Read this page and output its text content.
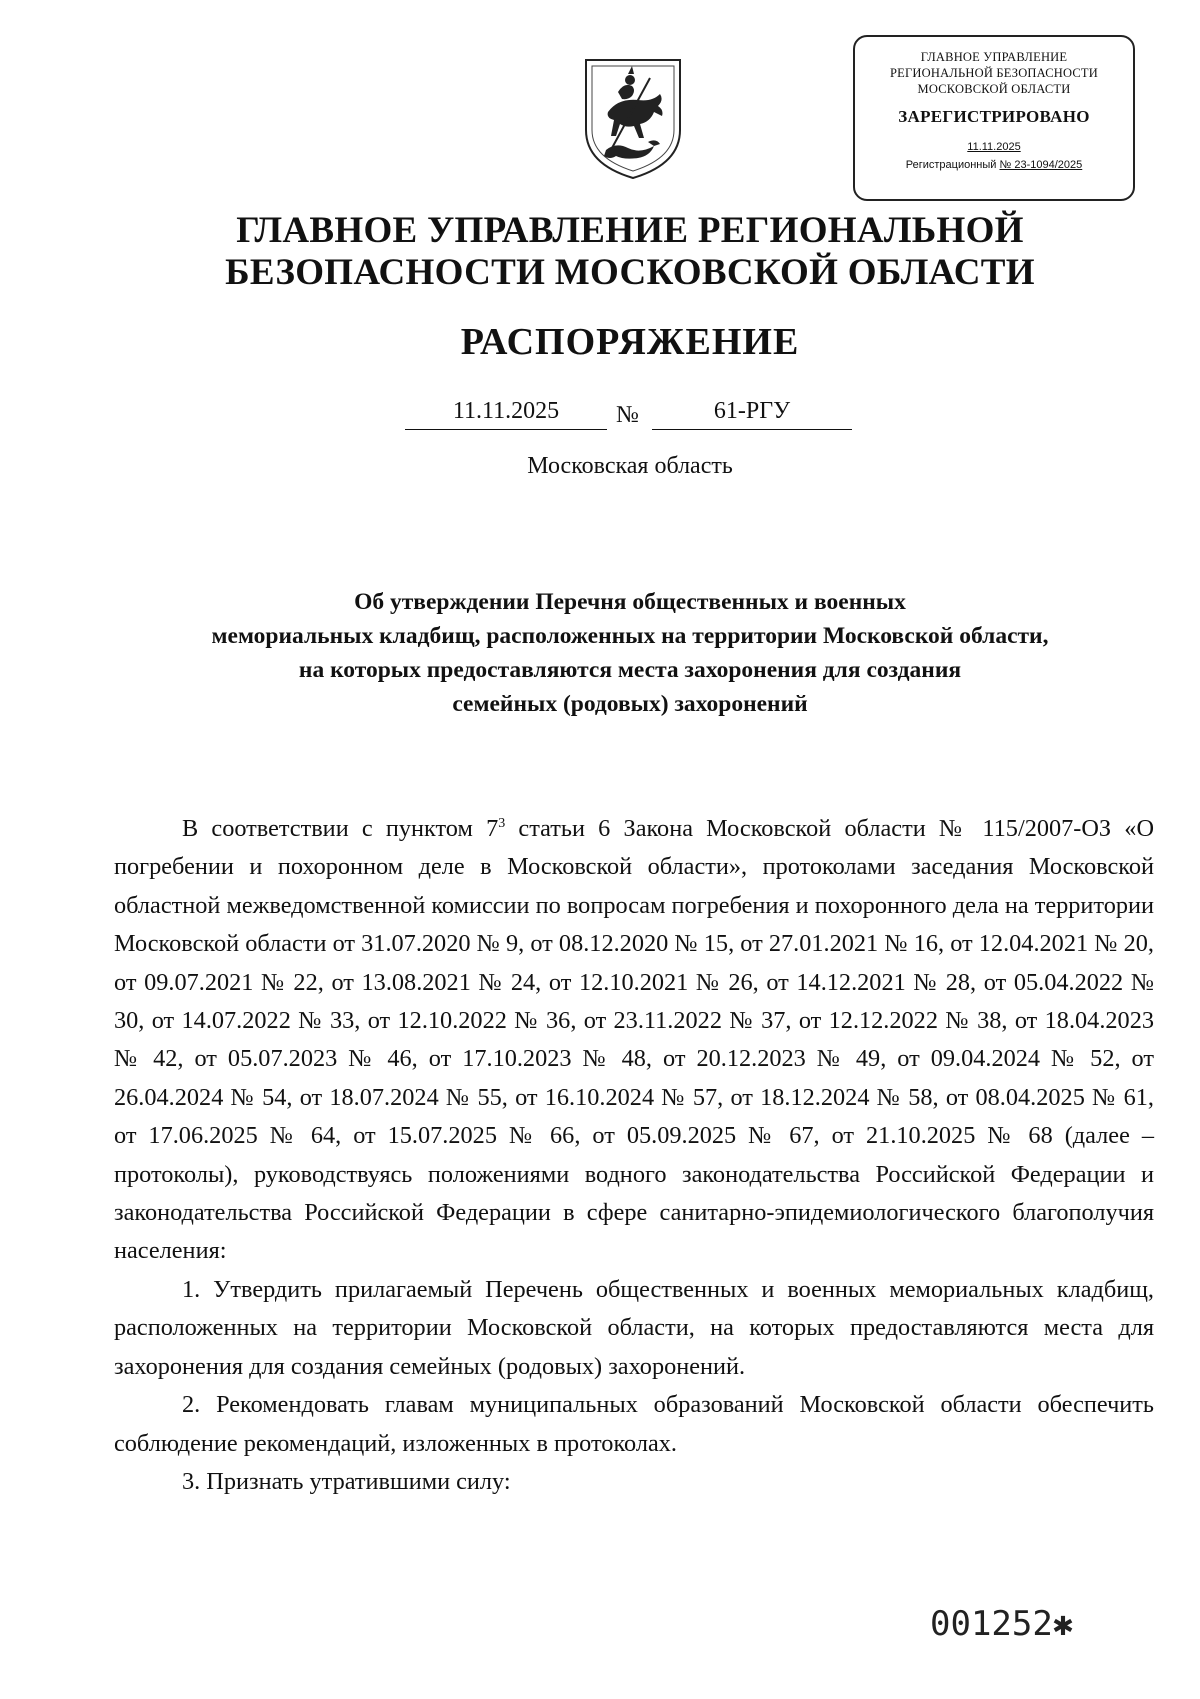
ГЛАВНОЕ УПРАВЛЕНИЕ
РЕГИОНАЛЬНОЙ БЕЗОПАСНОСТИ
МОСКОВСКОЙ ОБЛАСТИ
ЗАРЕГИСТРИРОВАНО
11.11.2025
Регистрационный № 23-1094/2025
ГЛАВНОЕ УПРАВЛЕНИЕ РЕГИОНАЛЬНОЙ
БЕЗОПАСНОСТИ МОСКОВСКОЙ ОБЛАСТИ
РАСПОРЯЖЕНИЕ
11.11.2025	№	61-РГУ
Московская область
Об утверждении Перечня общественных и военных
мемориальных кладбищ, расположенных на территории Московской области,
на которых предоставляются места захоронения для создания
семейных (родовых) захоронений

В соответствии с пунктом $7^3$ статьи 6 Закона Московской области № 115/2007-ОЗ «О погребении и похоронном деле в Московской области», протоколами заседания Московской областной межведомственной комиссии по вопросам погребения и похоронного дела на территории Московской области от 31.07.2020 № 9, от 08.12.2020 № 15, от 27.01.2021 № 16, от 12.04.2021 № 20, от 09.07.2021 № 22, от 13.08.2021 № 24, от 12.10.2021 № 26, от 14.12.2021 № 28, от 05.04.2022 № 30, от 14.07.2022 № 33, от 12.10.2022 № 36, от 23.11.2022 № 37, от 12.12.2022 № 38, от 18.04.2023 № 42, от 05.07.2023 № 46, от 17.10.2023 № 48, от 20.12.2023 № 49, от 09.04.2024 № 52, от 26.04.2024 № 54, от 18.07.2024 № 55, от 16.10.2024 № 57, от 18.12.2024 № 58, от 08.04.2025 № 61, от 17.06.2025 № 64, от 15.07.2025 № 66, от 05.09.2025 № 67, от 21.10.2025 № 68 (далее – протоколы), руководствуясь положениями водного законодательства Российской Федерации и законодательства Российской Федерации в сфере санитарно-эпидемиологического благополучия населения:

1. Утвердить прилагаемый Перечень общественных и военных мемориальных кладбищ, расположенных на территории Московской области, на которых предоставляются места для захоронения для создания семейных (родовых) захоронений.

2. Рекомендовать главам муниципальных образований Московской области обеспечить соблюдение рекомендаций, изложенных в протоколах.

3. Признать утратившими силу:

001252✱
